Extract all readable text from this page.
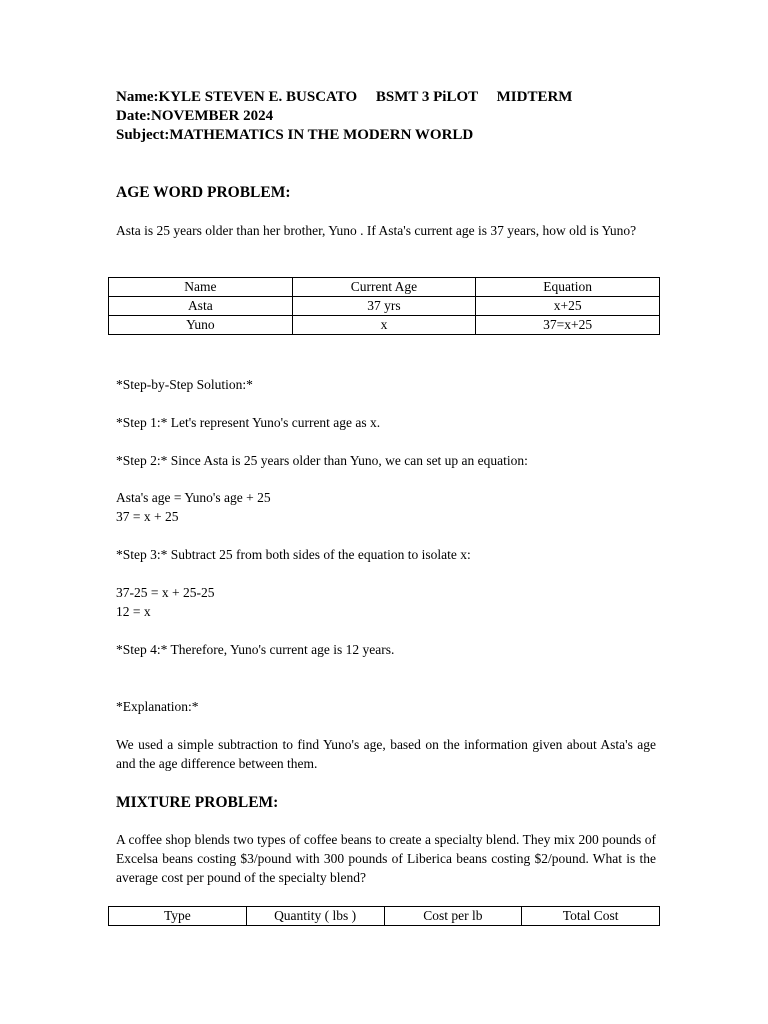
Name:KYLE STEVEN E. BUSCATO     BSMT 3 PiLOT     MIDTERM
Date:NOVEMBER 2024
Subject:MATHEMATICS IN THE MODERN WORLD
AGE WORD PROBLEM:
Asta is 25 years older than her brother, Yuno . If Asta's current age is 37 years, how old is Yuno?
Name	Current Age	Equation
Asta	37 yrs	x+25
Yuno	x	37=x+25
*Step-by-Step Solution:*
*Step 1:* Let's represent Yuno's current age as x.
*Step 2:* Since Asta is 25 years older than Yuno, we can set up an equation:
Asta's age = Yuno's age + 25
37 = x + 25
*Step 3:* Subtract 25 from both sides of the equation to isolate x:
37-25 = x + 25-25
12 = x
*Step 4:* Therefore, Yuno's current age is 12 years.
*Explanation:*
We used a simple subtraction to find Yuno's age, based on the information given about Asta's age and the age difference between them.
MIXTURE PROBLEM:
A coffee shop blends two types of coffee beans to create a specialty blend. They mix 200 pounds of Excelsa beans costing $3/pound with 300 pounds of Liberica beans costing $2/pound. What is the average cost per pound of the specialty blend?
Type	Quantity ( lbs )	Cost per lb	Total Cost
